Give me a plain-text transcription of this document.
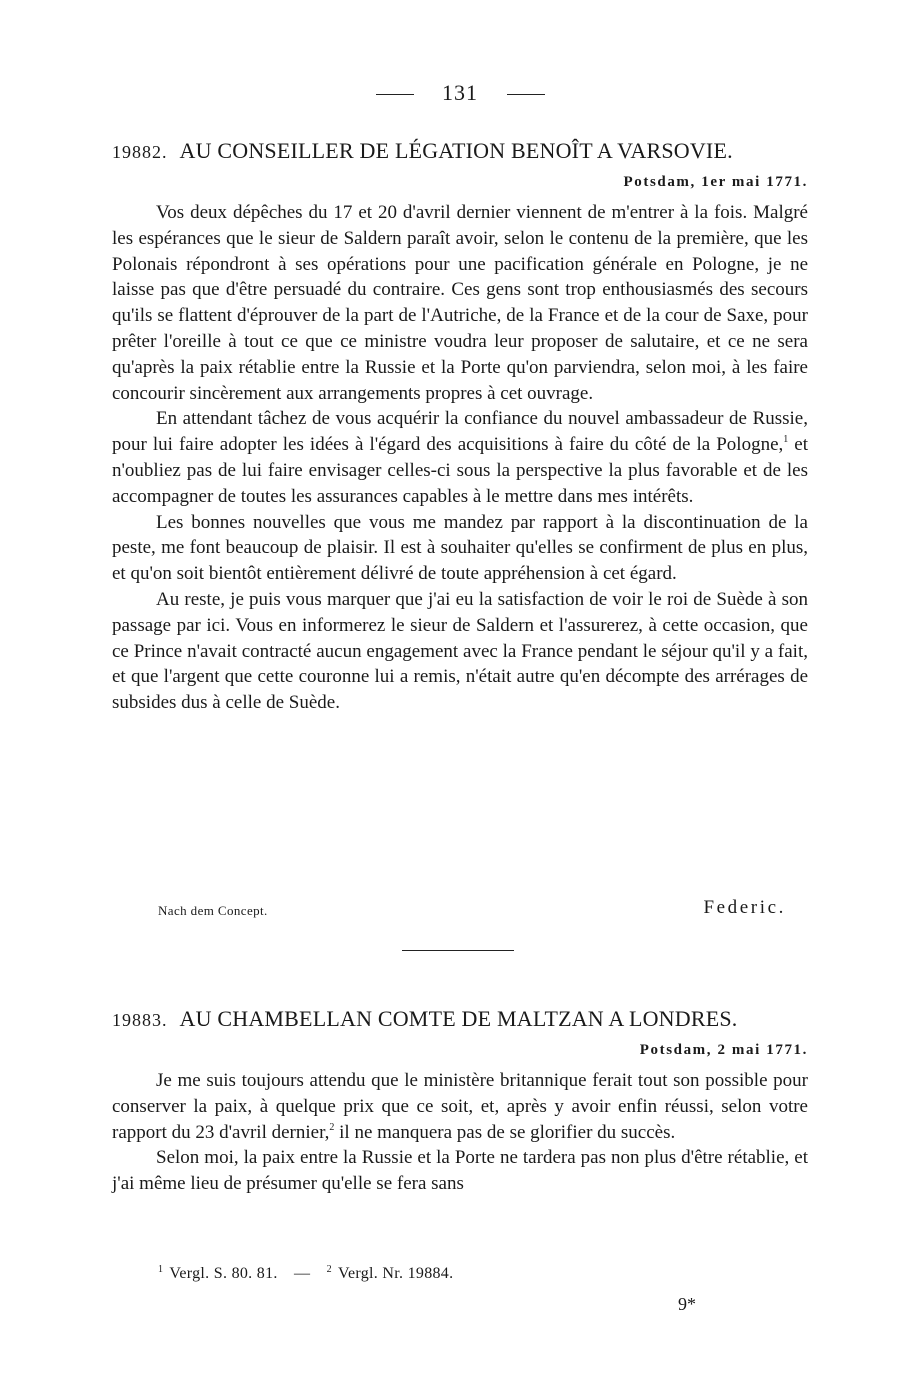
131
19882. AU CONSEILLER DE LÉGATION BENOÎT A VARSOVIE.
Potsdam, 1er mai 1771.

Vos deux dépêches du 17 et 20 d'avril dernier viennent de m'entrer à la fois. Malgré les espérances que le sieur de Saldern paraît avoir, selon le contenu de la première, que les Polonais répondront à ses opérations pour une pacification générale en Pologne, je ne laisse pas que d'être persuadé du contraire. Ces gens sont trop enthousiasmés des secours qu'ils se flattent d'éprouver de la part de l'Autriche, de la France et de la cour de Saxe, pour prêter l'oreille à tout ce que ce ministre voudra leur proposer de salutaire, et ce ne sera qu'après la paix rétablie entre la Russie et la Porte qu'on parviendra, selon moi, à les faire concourir sincèrement aux arrangements propres à cet ouvrage.

En attendant tâchez de vous acquérir la confiance du nouvel ambassadeur de Russie, pour lui faire adopter les idées à l'égard des acquisitions à faire du côté de la Pologne,$^1$ et n'oubliez pas de lui faire envisager celles-ci sous la perspective la plus favorable et de les accompagner de toutes les assurances capables à le mettre dans mes intérêts.

Les bonnes nouvelles que vous me mandez par rapport à la discontinuation de la peste, me font beaucoup de plaisir. Il est à souhaiter qu'elles se confirment de plus en plus, et qu'on soit bientôt entièrement délivré de toute appréhension à cet égard.

Au reste, je puis vous marquer que j'ai eu la satisfaction de voir le roi de Suède à son passage par ici. Vous en informerez le sieur de Saldern et l'assurerez, à cette occasion, que ce Prince n'avait contracté aucun engagement avec la France pendant le séjour qu'il y a fait, et que l'argent que cette couronne lui a remis, n'était autre qu'en décompte des arrérages de subsides dus à celle de Suède.

Nach dem Concept.	Federic.
19883. AU CHAMBELLAN COMTE DE MALTZAN A LONDRES.
Potsdam, 2 mai 1771.

Je me suis toujours attendu que le ministère britannique ferait tout son possible pour conserver la paix, à quelque prix que ce soit, et, après y avoir enfin réussi, selon votre rapport du 23 d'avril dernier,$^2$ il ne manquera pas de se glorifier du succès.

Selon moi, la paix entre la Russie et la Porte ne tardera pas non plus d'être rétablie, et j'ai même lieu de présumer qu'elle se fera sans

$^1$ Vergl. S. 80. 81. — $^2$ Vergl. Nr. 19884.
9*
